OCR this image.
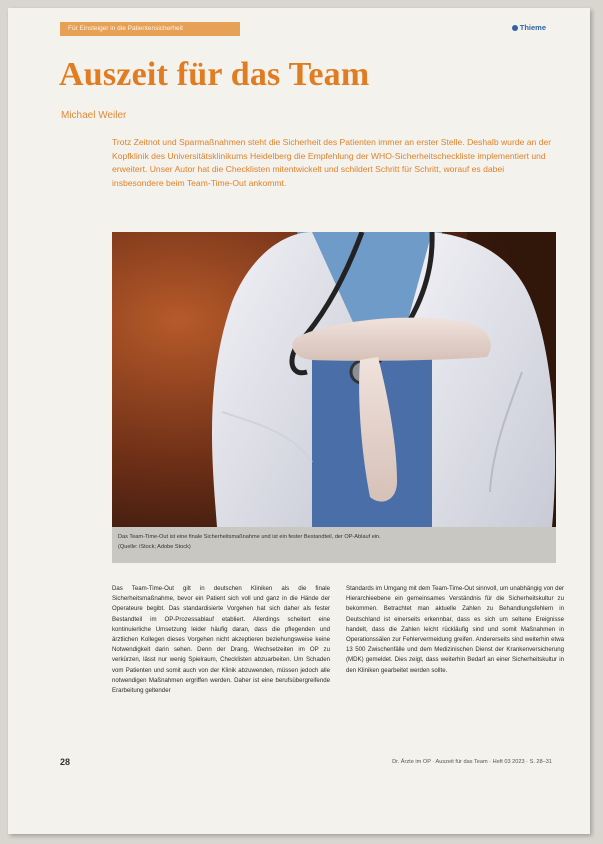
Für Einsteiger in die Patientensicherheit	Thieme
Auszeit für das Team
Michael Weiler
Trotz Zeitnot und Sparmaßnahmen steht die Sicherheit des Patienten immer an erster Stelle. Deshalb wurde an der Kopfklinik des Universitätsklinikums Heidelberg die Empfehlung der WHO-Sicherheitscheckliste implementiert und erweitert. Unser Autor hat die Checklisten mitentwickelt und schildert Schritt für Schritt, worauf es dabei insbesondere beim Team-Time-Out ankommt.
Das Team-Time-Out ist eine finale Sicherheitsmaßnahme und ist ein fester Bestandteil, der OP-Ablauf ein.
(Quelle: iStock; Adobe Stock)
Das Team-Time-Out gilt in deutschen Kliniken als die finale Sicherheitsmaßnahme, bevor ein Patient sich voll und ganz in die Hände der Operateure begibt. Das standardisierte Vorgehen hat sich daher als fester Bestandteil im OP-Prozessablauf etabliert. Allerdings scheitert eine kontinuierliche Umsetzung leider häufig daran, dass die pflegenden und ärztlichen Kollegen dieses Vorgehen nicht akzeptieren beziehungsweise keine Notwendigkeit darin sehen. Denn der Drang, Wechselzeiten im OP zu verkürzen, lässt nur wenig Spielraum, Checklisten abzuarbeiten. Um Schaden vom Patienten und somit auch von der Klinik abzuwenden, müssen jedoch alle notwendigen Maßnahmen ergriffen werden. Daher ist eine berufsübergreifende Erarbeitung geltender
Standards im Umgang mit dem Team-Time-Out sinnvoll, um unabhängig von der Hierarchieebene ein gemeinsames Verständnis für die Sicherheitskultur zu bekommen. Betrachtet man aktuelle Zahlen zu Behandlungsfehlern in Deutschland ist einerseits erkennbar, dass es sich um seltene Ereignisse handelt, dass die Zahlen leicht rückläufig sind und somit Maßnahmen in Operationssälen zur Fehlervermeidung greifen. Andererseits sind weiterhin etwa 13 500 Zwischenfälle und dem Medizinischen Dienst der Krankenversicherung (MDK) gemeldet. Dies zeigt, dass weiterhin Bedarf an einer Sicherheitskultur in den Kliniken gearbeitet werden sollte.
28	Dr. Ärzte im OP · Auszeit für das Team · Heft 03 2023 · S. 28–31
